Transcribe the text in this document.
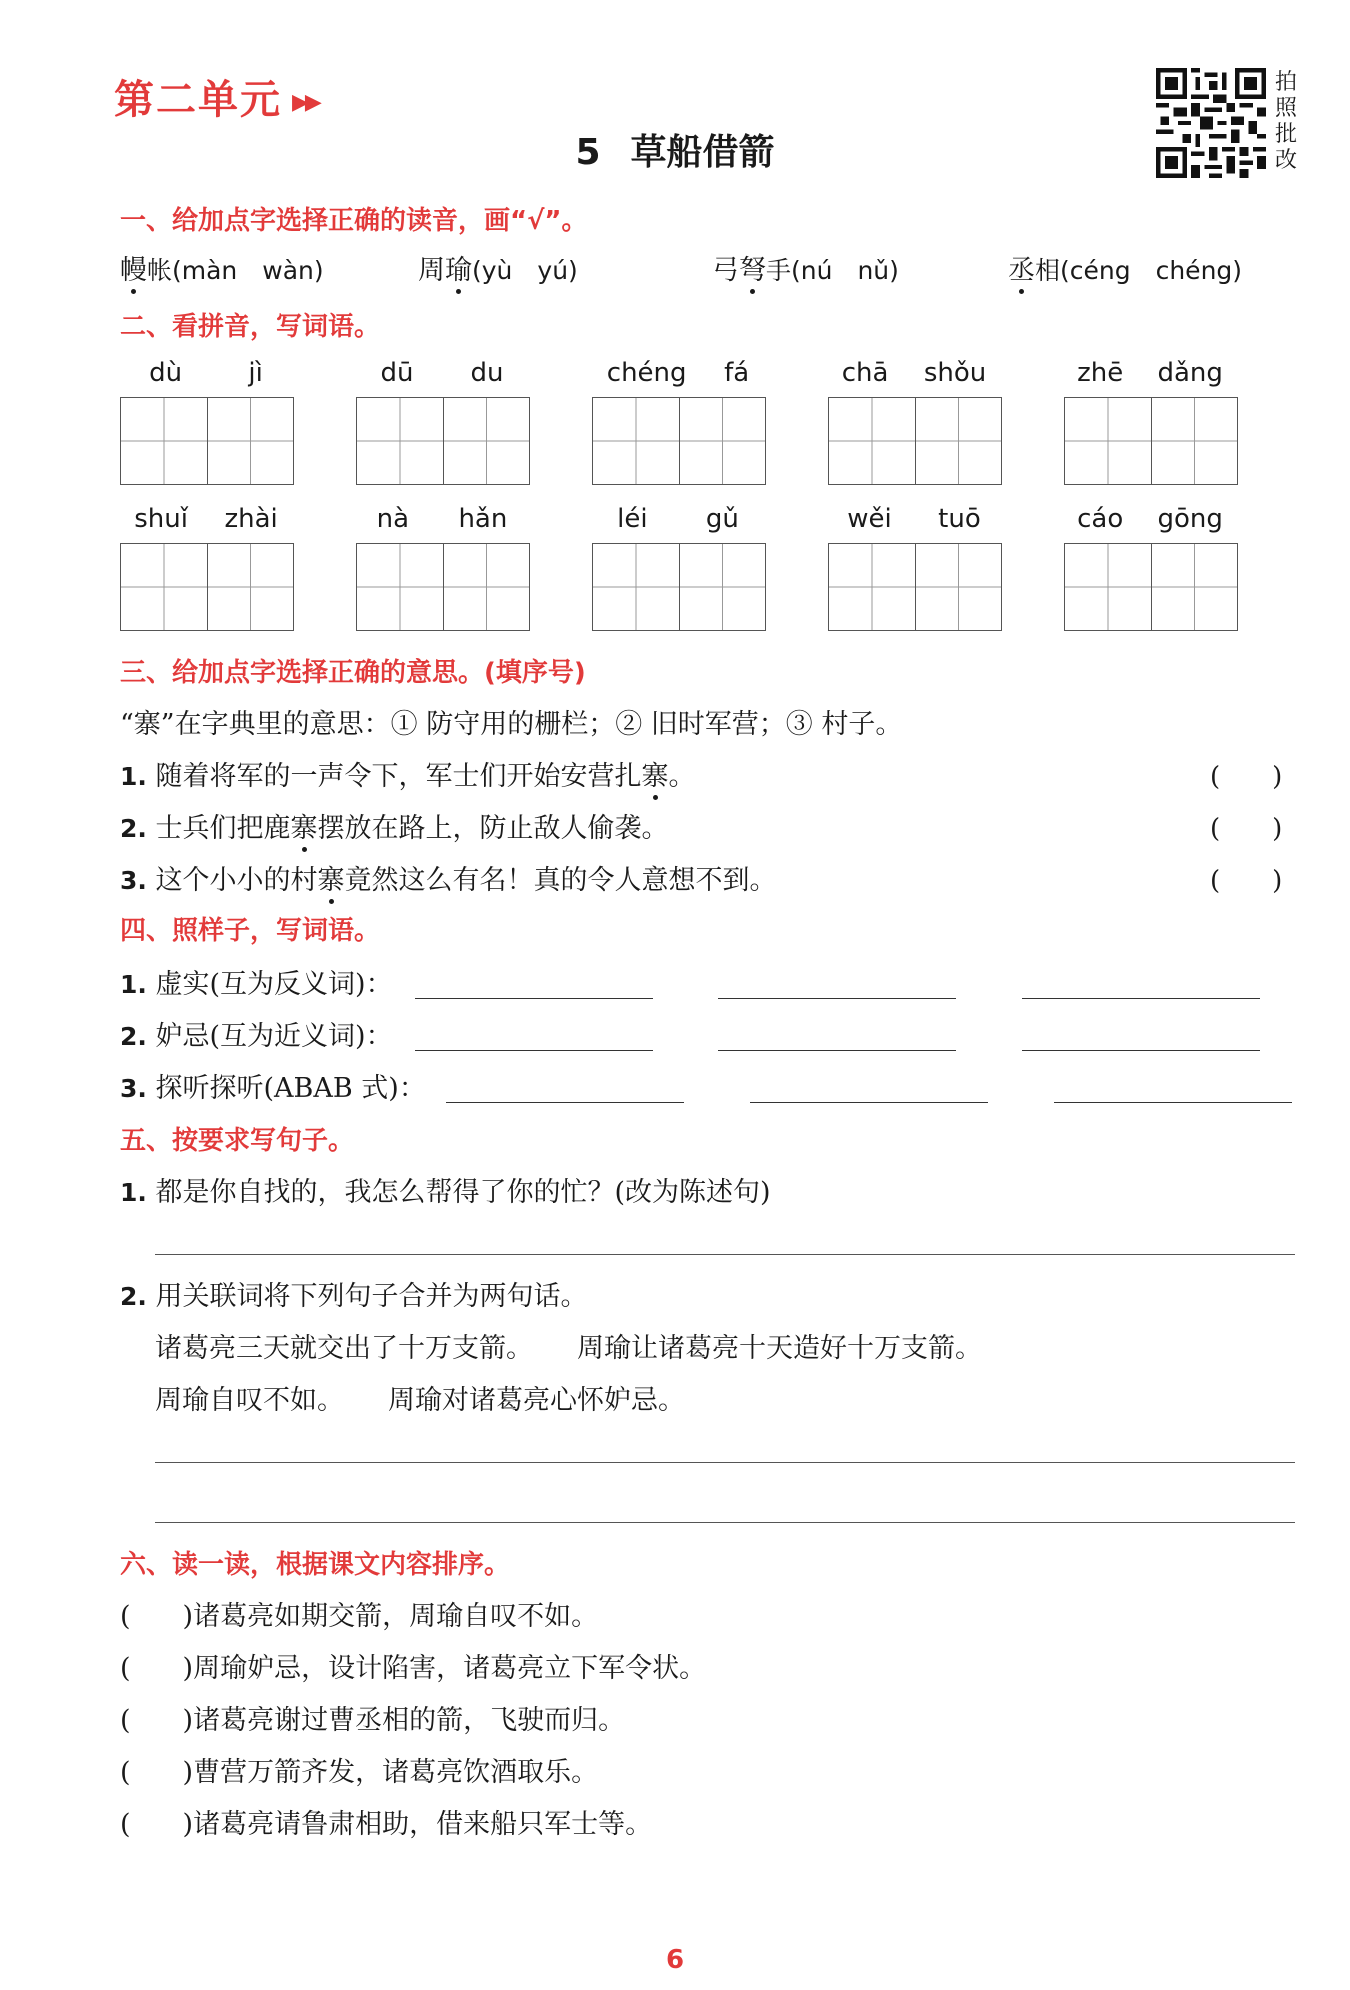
第二单元 ▶▶
5 草船借箭
拍
照
批
改
一、给加点字选择正确的读音，画“√”。
幔帐(màn　wàn)	周瑜(yù　yú)	弓弩手(nú　nǔ)	丞相(céng　chéng)
二、看拼音，写词语。
dù	jì	dū du	chéng fá	chā shǒu	zhē dǎng
shuǐ zhài	nà hǎn	léi gǔ	wěi tuō	cáo gōng
三、给加点字选择正确的意思。(填序号)
“寨”在字典里的意思：① 防守用的栅栏；② 旧时军营；③ 村子。
1. 随着将军的一声令下，军士们开始安营扎寨。	(　　)
2. 士兵们把鹿寨摆放在路上，防止敌人偷袭。	(　　)
3. 这个小小的村寨竟然这么有名！真的令人意想不到。	(　　)
四、照样子，写词语。
1. 虚实(互为反义词)：
2. 妒忌(互为近义词)：
3. 探听探听(ABAB 式)：
五、按要求写句子。
1. 都是你自找的，我怎么帮得了你的忙？(改为陈述句)
2. 用关联词将下列句子合并为两句话。
诸葛亮三天就交出了十万支箭。 周瑜让诸葛亮十天造好十万支箭。
周瑜自叹不如。 周瑜对诸葛亮心怀妒忌。
六、读一读，根据课文内容排序。
( )诸葛亮如期交箭，周瑜自叹不如。
( )周瑜妒忌，设计陷害，诸葛亮立下军令状。
( )诸葛亮谢过曹丞相的箭，飞驶而归。
( )曹营万箭齐发，诸葛亮饮酒取乐。
( )诸葛亮请鲁肃相助，借来船只军士等。
6
